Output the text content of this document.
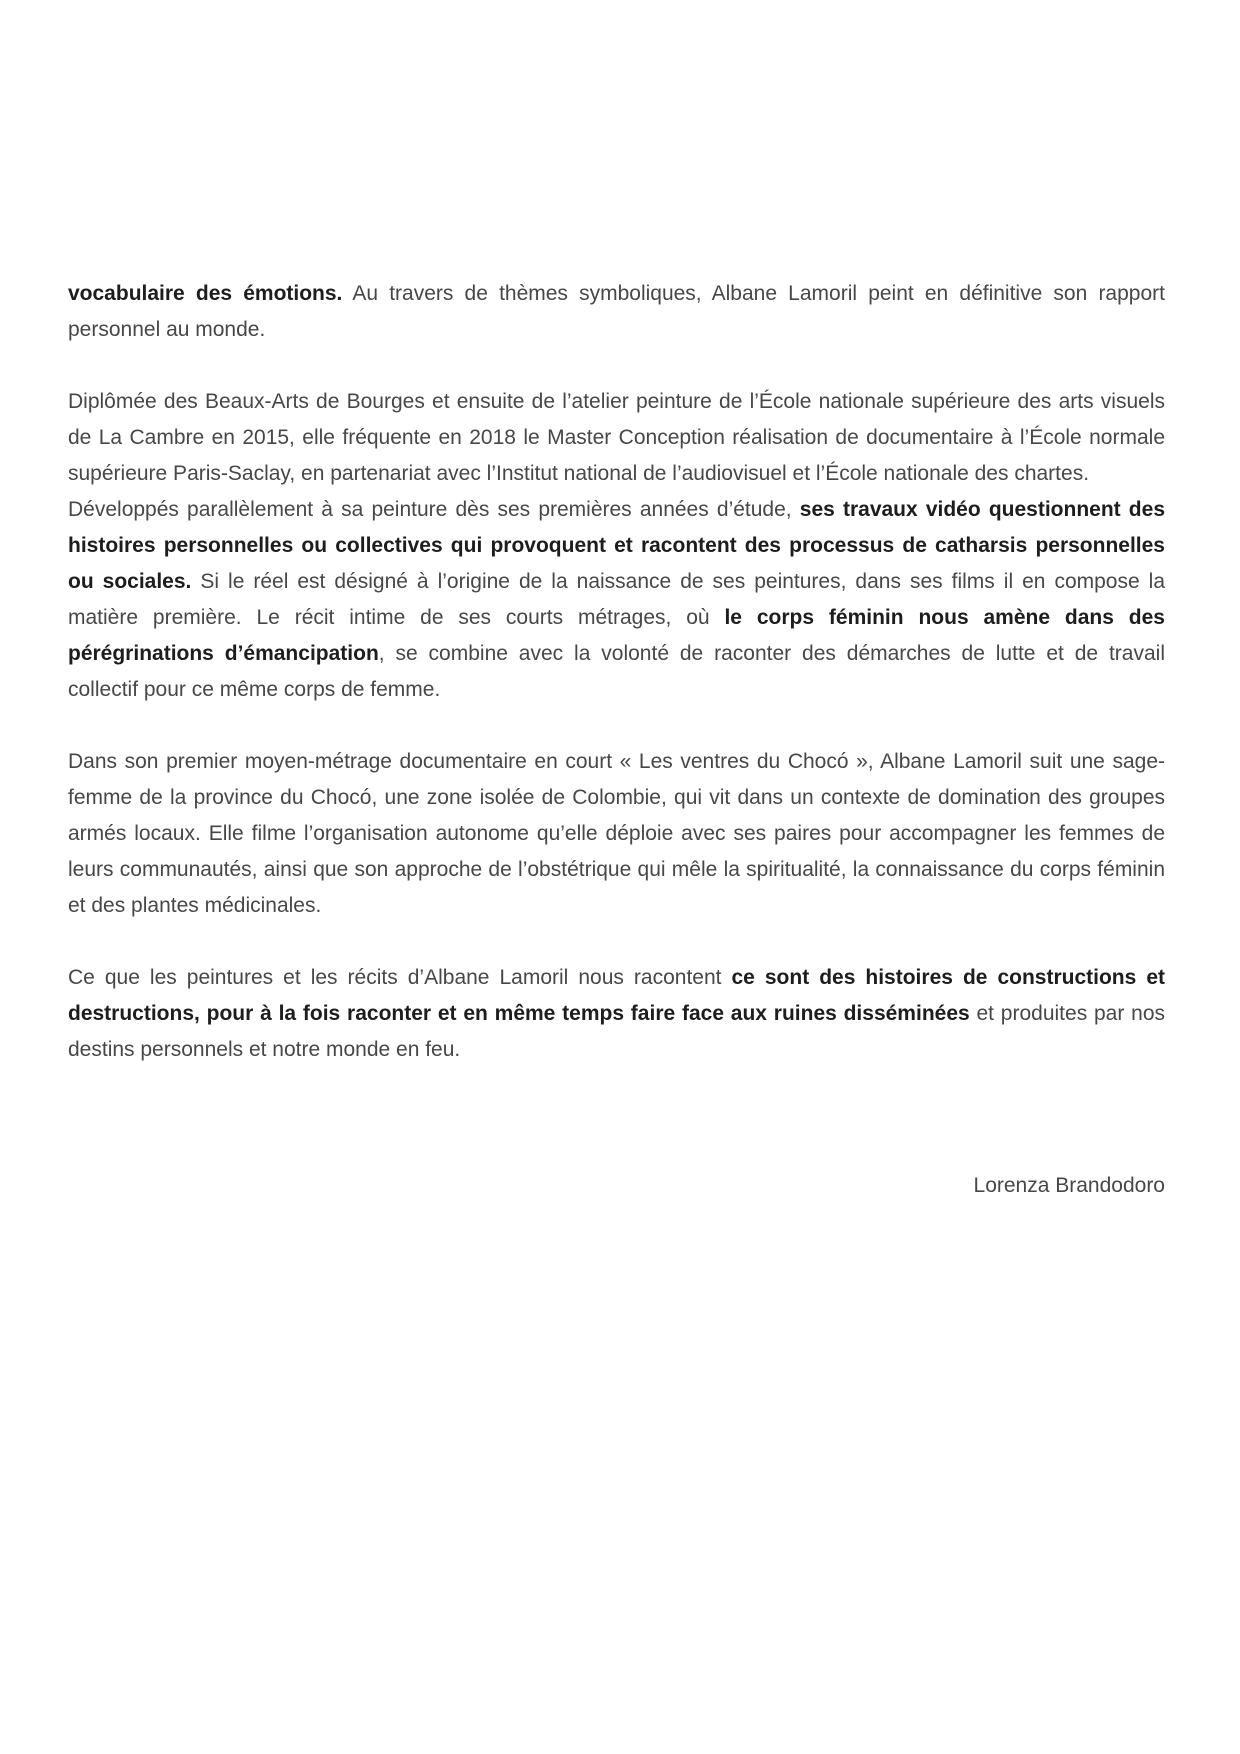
vocabulaire des émotions. Au travers de thèmes symboliques, Albane Lamoril peint en définitive son rapport personnel au monde.

Diplômée des Beaux-Arts de Bourges et ensuite de l’atelier peinture de l’École nationale supérieure des arts visuels de La Cambre en 2015, elle fréquente en 2018 le Master Conception réalisation de documentaire à l’École normale supérieure Paris-Saclay, en partenariat avec l’Institut national de l’audiovisuel et l’École nationale des chartes.

Développés parallèlement à sa peinture dès ses premières années d’étude, ses travaux vidéo questionnent des histoires personnelles ou collectives qui provoquent et racontent des processus de catharsis personnelles ou sociales. Si le réel est désigné à l’origine de la naissance de ses peintures, dans ses films il en compose la matière première. Le récit intime de ses courts métrages, où le corps féminin nous amène dans des pérégrinations d’émancipation, se combine avec la volonté de raconter des démarches de lutte et de travail collectif pour ce même corps de femme.

Dans son premier moyen-métrage documentaire en court « Les ventres du Chocó », Albane Lamoril suit une sage-femme de la province du Chocó, une zone isolée de Colombie, qui vit dans un contexte de domination des groupes armés locaux. Elle filme l’organisation autonome qu’elle déploie avec ses paires pour accompagner les femmes de leurs communautés, ainsi que son approche de l’obstétrique qui mêle la spiritualité, la connaissance du corps féminin et des plantes médicinales.

Ce que les peintures et les récits d’Albane Lamoril nous racontent ce sont des histoires de constructions et destructions, pour à la fois raconter et en même temps faire face aux ruines disséminées et produites par nos destins personnels et notre monde en feu.

Lorenza Brandodoro
